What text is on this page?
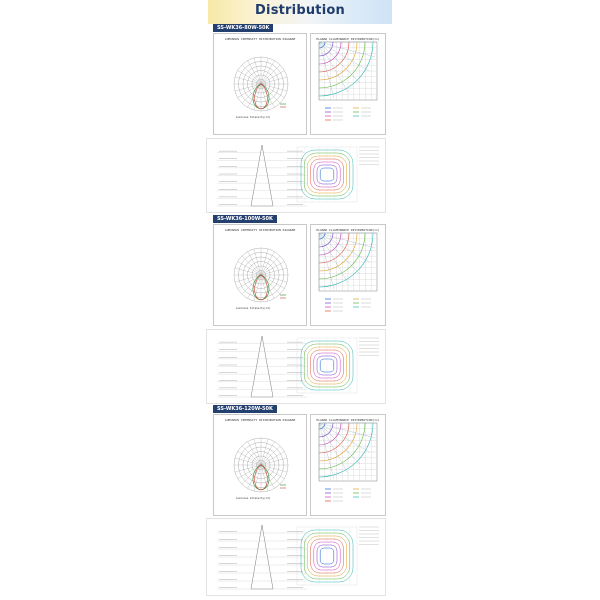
Distribution
SS-WK36-80W-50K
LUMINOUS INTENSITY DISTRIBUTION DIAGRAM
Luminous Intensity(cd)
PLANAR ILLUMINANCE DISTRIBUTION(lx)
SS-WK36-100W-50K
LUMINOUS INTENSITY DISTRIBUTION DIAGRAM
Luminous Intensity(cd)
PLANAR ILLUMINANCE DISTRIBUTION(lx)
SS-WK36-120W-50K
LUMINOUS INTENSITY DISTRIBUTION DIAGRAM
Luminous Intensity(cd)
PLANAR ILLUMINANCE DISTRIBUTION(lx)
